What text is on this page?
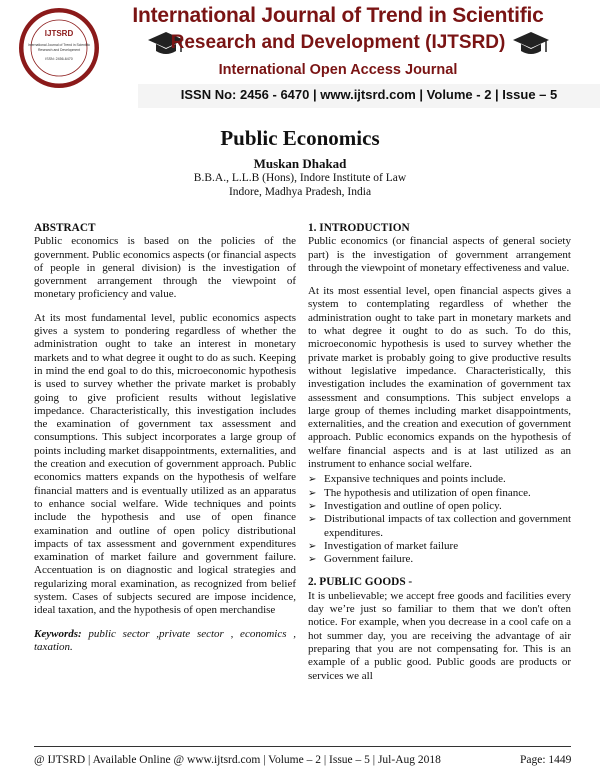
IJTSRD
International Journal of Trend in Scientific
Research and Development
ISSN: 2456-6470
International Journal of Trend in Scientific
Research and Development (IJTSRD)
International Open Access Journal
ISSN No: 2456 - 6470 | www.ijtsrd.com | Volume - 2 | Issue – 5
Public Economics
Muskan Dhakad
B.B.A., L.L.B (Hons), Indore Institute of Law
Indore, Madhya Pradesh, India
ABSTRACT

Public economics is based on the policies of the government. Public economics aspects (or financial aspects of people in general division) is the investigation of government arrangement through the viewpoint of monetary proficiency and value.

At its most fundamental level, public economics aspects gives a system to pondering regardless of whether the administration ought to take an interest in monetary markets and to what degree it ought to do as such. Keeping in mind the end goal to do this, microeconomic hypothesis is used to survey whether the private market is probably going to give proficient results without legislative impedance. Characteristically, this investigation includes the examination of government tax assessment and consumptions. This subject incorporates a large group of points including market disappointments, externalities, and the creation and execution of government approach. Public economics matters expands on the hypothesis of welfare financial matters and is eventually utilized as an apparatus to enhance social welfare. Wide techniques and points include the hypothesis and use of open finance examination and outline of open policy distributional impacts of tax assessment and government expenditures examination of market failure and government failure. Accentuation is on diagnostic and logical strategies and regularizing moral examination, as recognized from belief system. Cases of subjects secured are impose incidence, ideal taxation, and the hypothesis of open merchandise

Keywords: public sector ,private sector , economics , taxation.

1. INTRODUCTION

Public economics (or financial aspects of general society part) is the investigation of government arrangement through the viewpoint of monetary effectiveness and value.

At its most essential level, open financial aspects gives a system to contemplating regardless of whether the administration ought to take part in monetary markets and to what degree it ought to do as such. To do this, microeconomic hypothesis is used to survey whether the private market is probably going to give productive results without legislative impedance. Characteristically, this investigation includes the examination of government tax assessment and consumptions. This subject envelops a large group of themes including market disappointments, externalities, and the creation and execution of government approach. Public economics expands on the hypothesis of welfare financial aspects and is at last utilized as an instrument to enhance social welfare.

➢ Expansive techniques and points include.
➢ The hypothesis and utilization of open finance.
➢ Investigation and outline of open policy.
➢ Distributional impacts of tax collection and government expenditures.
➢ Investigation of market failure
➢ Government failure.
2. PUBLIC GOODS -

It is unbelievable; we accept free goods and facilities every day we’re just so familiar to them that we don't often notice. For example, when you decrease in a cool cafe on a hot summer day, you are receiving the advantage of air preparing that you are not compensating for. This is an example of a public good. Public goods are products or services we all

@ IJTSRD | Available Online @ www.ijtsrd.com | Volume – 2 | Issue – 5 | Jul-Aug 2018	Page: 1449
